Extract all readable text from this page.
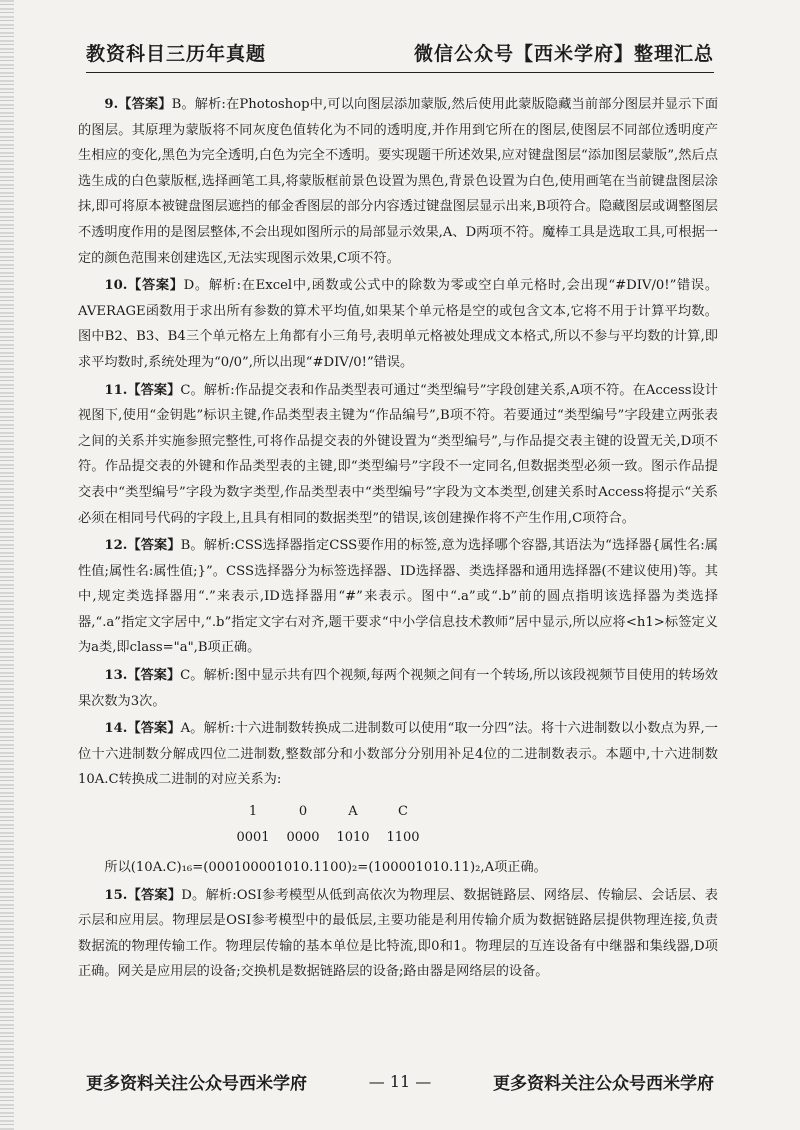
教资科目三历年真题	微信公众号【西米学府】整理汇总

9.【答案】B。解析:在Photoshop中,可以向图层添加蒙版,然后使用此蒙版隐藏当前部分图层并显示下面的图层。其原理为蒙版将不同灰度色值转化为不同的透明度,并作用到它所在的图层,使图层不同部位透明度产生相应的变化,黑色为完全透明,白色为完全不透明。要实现题干所述效果,应对键盘图层“添加图层蒙版”,然后点选生成的白色蒙版框,选择画笔工具,将蒙版框前景色设置为黑色,背景色设置为白色,使用画笔在当前键盘图层涂抹,即可将原本被键盘图层遮挡的郁金香图层的部分内容透过键盘图层显示出来,B项符合。隐藏图层或调整图层不透明度作用的是图层整体,不会出现如图所示的局部显示效果,A、D两项不符。魔棒工具是选取工具,可根据一定的颜色范围来创建选区,无法实现图示效果,C项不符。

10.【答案】D。解析:在Excel中,函数或公式中的除数为零或空白单元格时,会出现“#DIV/0!”错误。AVERAGE函数用于求出所有参数的算术平均值,如果某个单元格是空的或包含文本,它将不用于计算平均数。图中B2、B3、B4三个单元格左上角都有小三角号,表明单元格被处理成文本格式,所以不参与平均数的计算,即求平均数时,系统处理为“0/0”,所以出现“#DIV/0!”错误。

11.【答案】C。解析:作品提交表和作品类型表可通过“类型编号”字段创建关系,A项不符。在Access设计视图下,使用“金钥匙”标识主键,作品类型表主键为“作品编号”,B项不符。若要通过“类型编号”字段建立两张表之间的关系并实施参照完整性,可将作品提交表的外键设置为“类型编号”,与作品提交表主键的设置无关,D项不符。作品提交表的外键和作品类型表的主键,即“类型编号”字段不一定同名,但数据类型必须一致。图示作品提交表中“类型编号”字段为数字类型,作品类型表中“类型编号”字段为文本类型,创建关系时Access将提示“关系必须在相同号代码的字段上,且具有相同的数据类型”的错误,该创建操作将不产生作用,C项符合。

12.【答案】B。解析:CSS选择器指定CSS要作用的标签,意为选择哪个容器,其语法为“选择器{属性名:属性值;属性名:属性值;}”。CSS选择器分为标签选择器、ID选择器、类选择器和通用选择器(不建议使用)等。其中,规定类选择器用“.”来表示,ID选择器用“#”来表示。图中“.a”或“.b”前的圆点指明该选择器为类选择器,“.a”指定文字居中,“.b”指定文字右对齐,题干要求“中小学信息技术教师”居中显示,所以应将<h1>标签定义为a类,即class="a",B项正确。

13.【答案】C。解析:图中显示共有四个视频,每两个视频之间有一个转场,所以该段视频节目使用的转场效果次数为3次。

14.【答案】A。解析:十六进制数转换成二进制数可以使用“取一分四”法。将十六进制数以小数点为界,一位十六进制数分解成四位二进制数,整数部分和小数部分分别用补足4位的二进制数表示。本题中,十六进制数10A.C转换成二进制的对应关系为:

1	0	A	C
0001	0000	1010	1100

所以(10A.C)₁₆=(000100001010.1100)₂=(100001010.11)₂,A项正确。

15.【答案】D。解析:OSI参考模型从低到高依次为物理层、数据链路层、网络层、传输层、会话层、表示层和应用层。物理层是OSI参考模型中的最低层,主要功能是利用传输介质为数据链路层提供物理连接,负责数据流的物理传输工作。物理层传输的基本单位是比特流,即0和1。物理层的互连设备有中继器和集线器,D项正确。网关是应用层的设备;交换机是数据链路层的设备;路由器是网络层的设备。

更多资料关注公众号西米学府	— 11 —	更多资料关注公众号西米学府
